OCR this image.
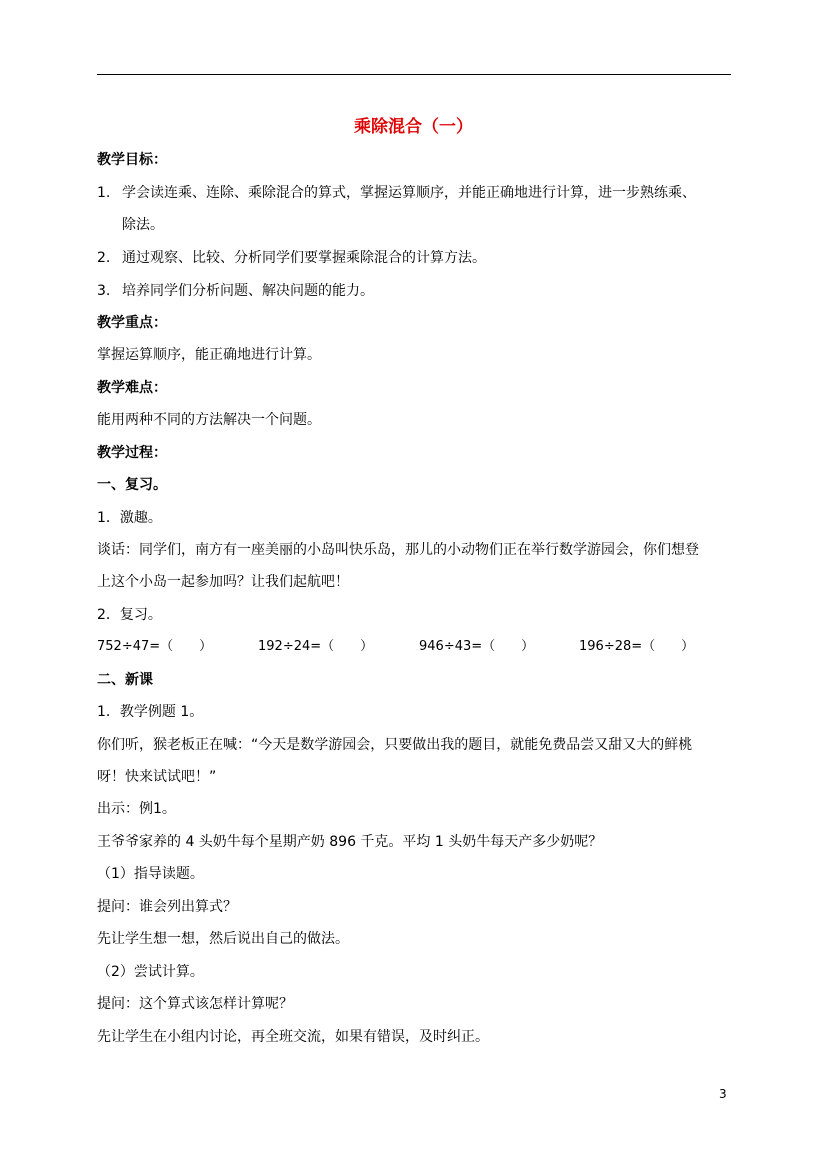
乘除混合（一）
教学目标：
1. 学会读连乘、连除、乘除混合的算式，掌握运算顺序，并能正确地进行计算，进一步熟练乘、
除法。
2. 通过观察、比较、分析同学们要掌握乘除混合的计算方法。
3. 培养同学们分析问题、解决问题的能力。
教学重点：
掌握运算顺序，能正确地进行计算。
教学难点：
能用两种不同的方法解决一个问题。
教学过程：
一、复习。
1．激趣。
谈话：同学们，南方有一座美丽的小岛叫快乐岛，那儿的小动物们正在举行数学游园会，你们想登
上这个小岛一起参加吗？让我们起航吧！
2．复习。
752÷47=（　　）	192÷24=（　　）	946÷43=（　　）	196÷28=（　　）
二、新课
1．教学例题 1。
你们听，猴老板正在喊：“今天是数学游园会，只要做出我的题目，就能免费品尝又甜又大的鲜桃
呀！快来试试吧！”
出示：例1。
王爷爷家养的 4 头奶牛每个星期产奶 896 千克。平均 1 头奶牛每天产多少奶呢？
（1）指导读题。
提问：谁会列出算式？
先让学生想一想，然后说出自己的做法。
（2）尝试计算。
提问：这个算式该怎样计算呢？
先让学生在小组内讨论，再全班交流，如果有错误，及时纠正。
3
